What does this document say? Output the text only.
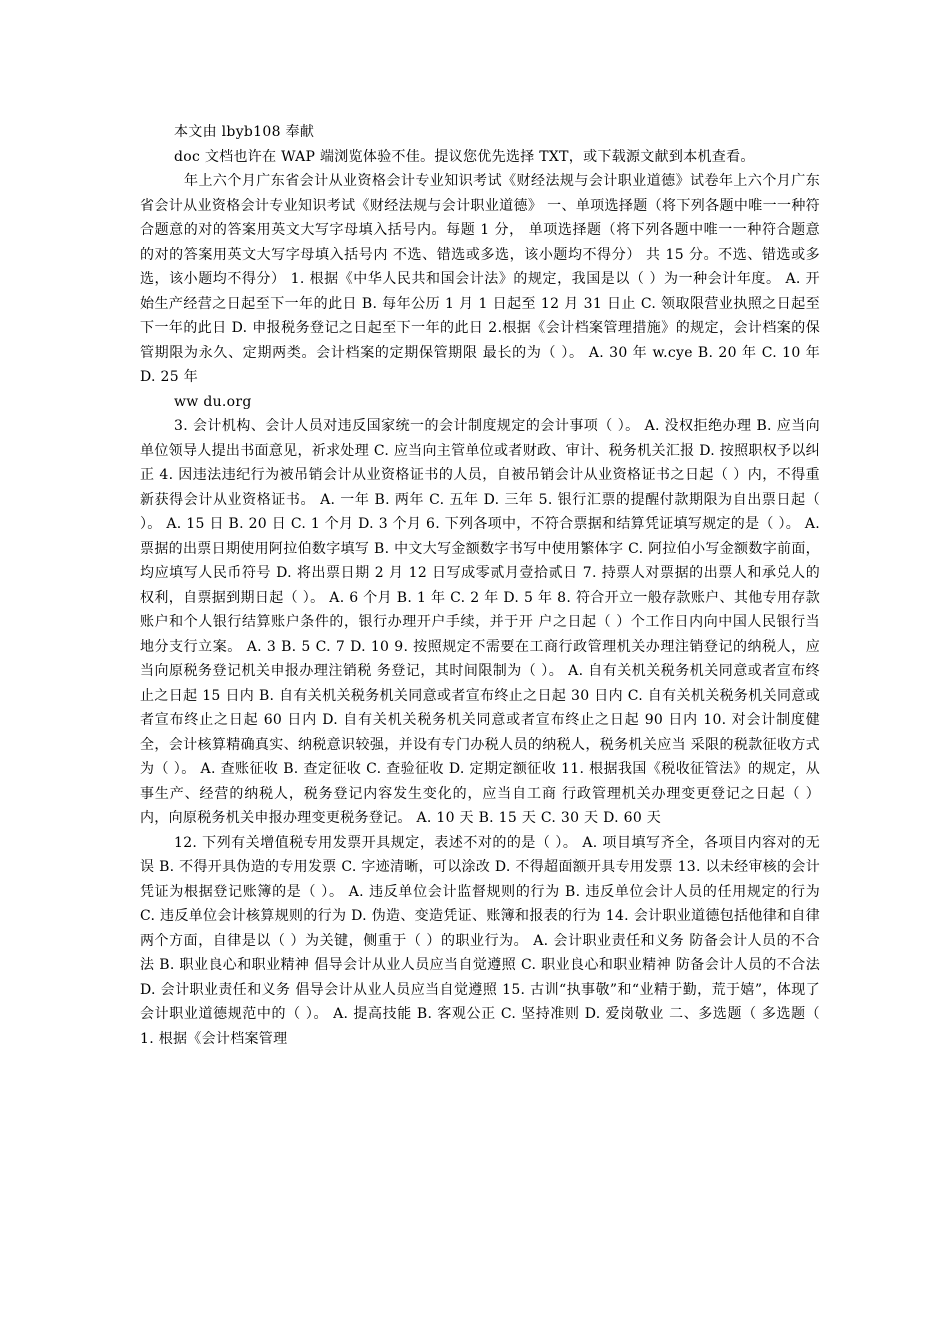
本文由 lbyb108 奉献

doc 文档也许在 WAP 端浏览体验不佳。提议您优先选择 TXT，或下载源文献到本机查看。

年上六个月广东省会计从业资格会计专业知识考试《财经法规与会计职业道德》试卷年上六个月广东省会计从业资格会计专业知识考试《财经法规与会计职业道德》 一、单项选择题（将下列各题中唯一一种符合题意的对的答案用英文大写字母填入括号内。每题 1 分， 单项选择题（将下列各题中唯一一种符合题意的对的答案用英文大写字母填入括号内 不选、错选或多选，该小题均不得分） 共 15 分。不选、错选或多选，该小题均不得分） 1. 根据《中华人民共和国会计法》的规定，我国是以（ ）为一种会计年度。 A. 开始生产经营之日起至下一年的此日 B. 每年公历 1 月 1 日起至 12 月 31 日止 C. 领取限营业执照之日起至下一年的此日 D. 申报税务登记之日起至下一年的此日 2.根据《会计档案管理措施》的规定，会计档案的保管期限为永久、定期两类。会计档案的定期保管期限 最长的为（ ）。 A. 30 年 w.cye B. 20 年 C. 10 年 D. 25 年

ww du.org

3. 会计机构、会计人员对违反国家统一的会计制度规定的会计事项（ ）。 A. 没权拒绝办理 B. 应当向单位领导人提出书面意见，祈求处理 C. 应当向主管单位或者财政、审计、税务机关汇报 D. 按照职权予以纠正 4. 因违法违纪行为被吊销会计从业资格证书的人员，自被吊销会计从业资格证书之日起（ ）内，不得重 新获得会计从业资格证书。 A. 一年 B. 两年 C. 五年 D. 三年 5. 银行汇票的提醒付款期限为自出票日起（ ）。 A. 15 日 B. 20 日 C. 1 个月 D. 3 个月 6. 下列各项中，不符合票据和结算凭证填写规定的是（ ）。 A. 票据的出票日期使用阿拉伯数字填写 B. 中文大写金额数字书写中使用繁体字 C. 阿拉伯小写金额数字前面，均应填写人民币符号 D. 将出票日期 2 月 12 日写成零贰月壹拾贰日 7. 持票人对票据的出票人和承兑人的权利，自票据到期日起（ ）。 A. 6 个月 B. 1 年 C. 2 年 D. 5 年 8. 符合开立一般存款账户、其他专用存款账户和个人银行结算账户条件的，银行办理开户手续，并于开 户之日起（ ）个工作日内向中国人民银行当地分支行立案。 A. 3 B. 5 C. 7 D. 10 9. 按照规定不需要在工商行政管理机关办理注销登记的纳税人，应当向原税务登记机关申报办理注销税 务登记，其时间限制为（ ）。 A. 自有关机关税务机关同意或者宣布终止之日起 15 日内 B. 自有关机关税务机关同意或者宣布终止之日起 30 日内 C. 自有关机关税务机关同意或者宣布终止之日起 60 日内 D. 自有关机关税务机关同意或者宣布终止之日起 90 日内 10. 对会计制度健全，会计核算精确真实、纳税意识较强，并设有专门办税人员的纳税人，税务机关应当 采限的税款征收方式为（ ）。 A. 查账征收 B. 查定征收 C. 查验征收 D. 定期定额征收 11. 根据我国《税收征管法》的规定，从事生产、经营的纳税人，税务登记内容发生变化的，应当自工商 行政管理机关办理变更登记之日起（ ）内，向原税务机关申报办理变更税务登记。 A. 10 天 B. 15 天 C. 30 天 D. 60 天

12. 下列有关增值税专用发票开具规定，表述不对的的是（ ）。 A. 项目填写齐全，各项目内容对的无误 B. 不得开具伪造的专用发票 C. 字迹清晰，可以涂改 D. 不得超面额开具专用发票 13. 以未经审核的会计凭证为根据登记账簿的是（ ）。 A. 违反单位会计监督规则的行为 B. 违反单位会计人员的任用规定的行为 C. 违反单位会计核算规则的行为 D. 伪造、变造凭证、账簿和报表的行为 14. 会计职业道德包括他律和自律两个方面，自律是以（ ）为关键，侧重于（ ）的职业行为。 A. 会计职业责任和义务 防备会计人员的不合法 B. 职业良心和职业精神 倡导会计从业人员应当自觉遵照 C. 职业良心和职业精神 防备会计人员的不合法 D. 会计职业责任和义务 倡导会计从业人员应当自觉遵照 15. 古训“执事敬”和“业精于勤，荒于嬉”，体现了会计职业道德规范中的（ ）。 A. 提高技能 B. 客观公正 C. 坚持准则 D. 爱岗敬业 二、多选题（ 多选题（ 1. 根据《会计档案管理
